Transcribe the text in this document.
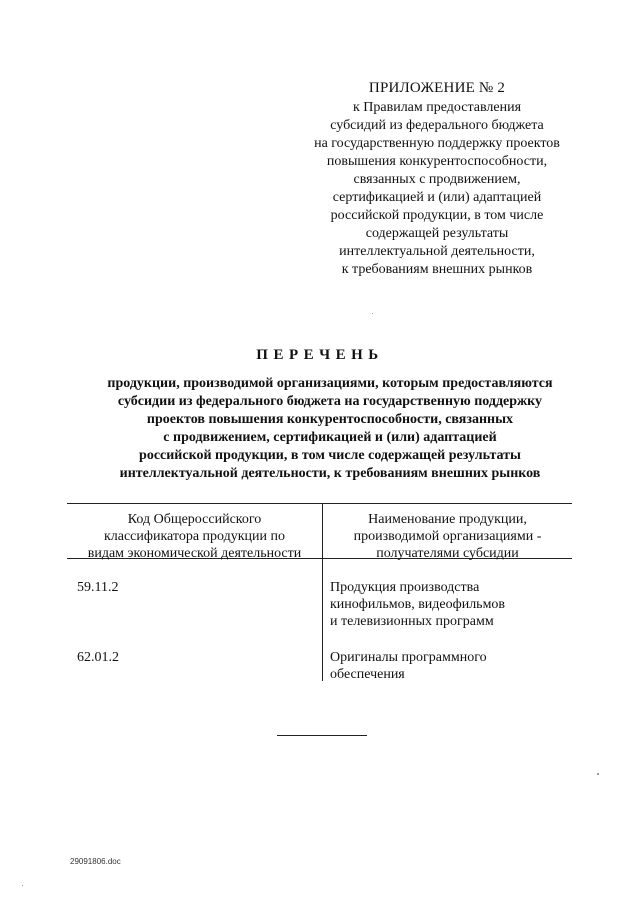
ПРИЛОЖЕНИЕ № 2
к Правилам предоставления
субсидий из федерального бюджета
на государственную поддержку проектов
повышения конкурентоспособности,
связанных с продвижением,
сертификацией и (или) адаптацией
российской продукции, в том числе
содержащей результаты
интеллектуальной деятельности,
к требованиям внешних рынков
ПЕРЕЧЕНЬ
продукции, производимой организациями, которым предоставляются
субсидии из федерального бюджета на государственную поддержку
проектов повышения конкурентоспособности, связанных
с продвижением, сертификацией и (или) адаптацией
российской продукции, в том числе содержащей результаты
интеллектуальной деятельности, к требованиям внешних рынков
Код Общероссийского
классификатора продукции по
видам экономической деятельности
Наименование продукции,
производимой организациями -
получателями субсидии
59.11.2	Продукция производства
кинофильмов, видеофильмов
и телевизионных программ
62.01.2	Оригиналы программного
обеспечения
29091806.doc
